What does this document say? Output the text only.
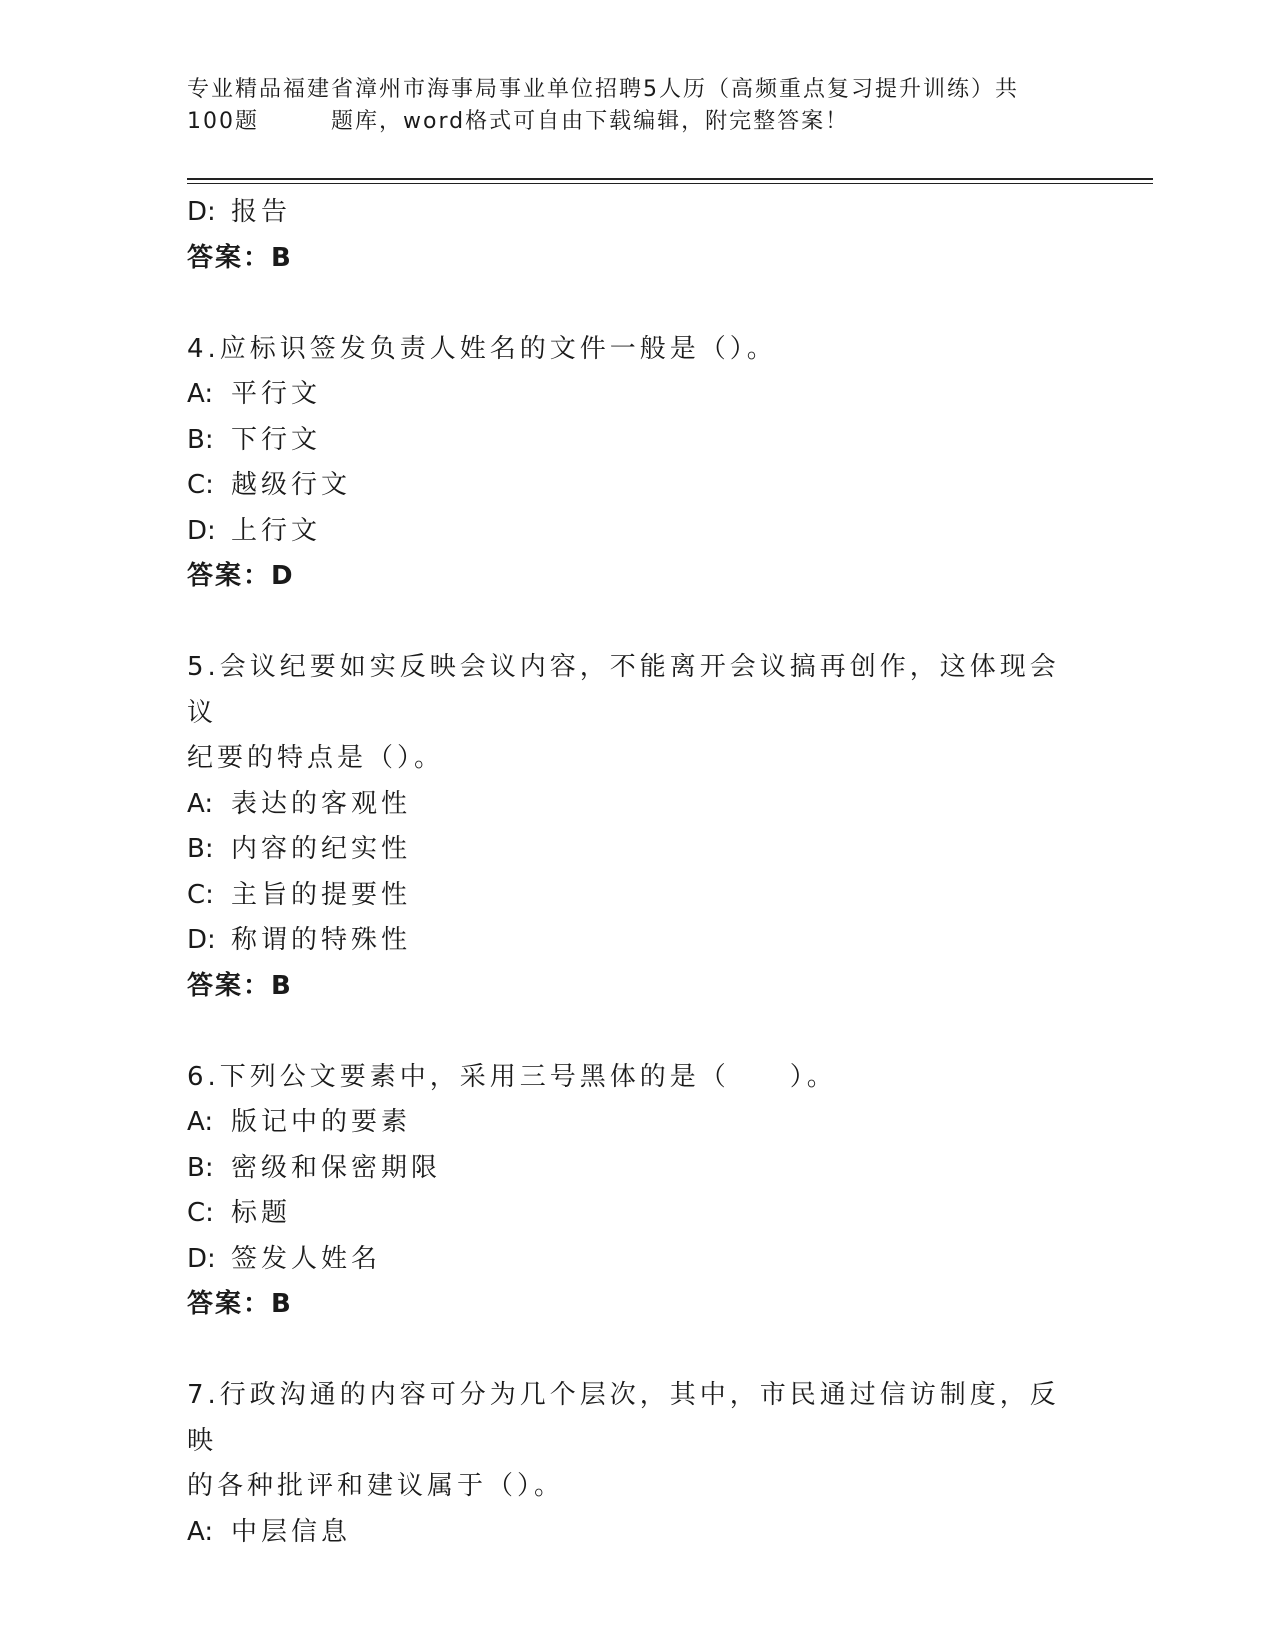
专业精品福建省漳州市海事局事业单位招聘5人历（高频重点复习提升训练）共
100题	题库，word格式可自由下载编辑，附完整答案！
D: 报告
答案：B
4.应标识签发负责人姓名的文件一般是（）。
A: 平行文
B: 下行文
C: 越级行文
D: 上行文
答案：D
5.会议纪要如实反映会议内容，不能离开会议搞再创作，这体现会议
纪要的特点是（）。
A: 表达的客观性
B: 内容的纪实性
C: 主旨的提要性
D: 称谓的特殊性
答案：B
6.下列公文要素中，采用三号黑体的是（　　）。
A: 版记中的要素
B: 密级和保密期限
C: 标题
D: 签发人姓名
答案：B
7.行政沟通的内容可分为几个层次，其中，市民通过信访制度，反映
的各种批评和建议属于（）。
A: 中层信息
